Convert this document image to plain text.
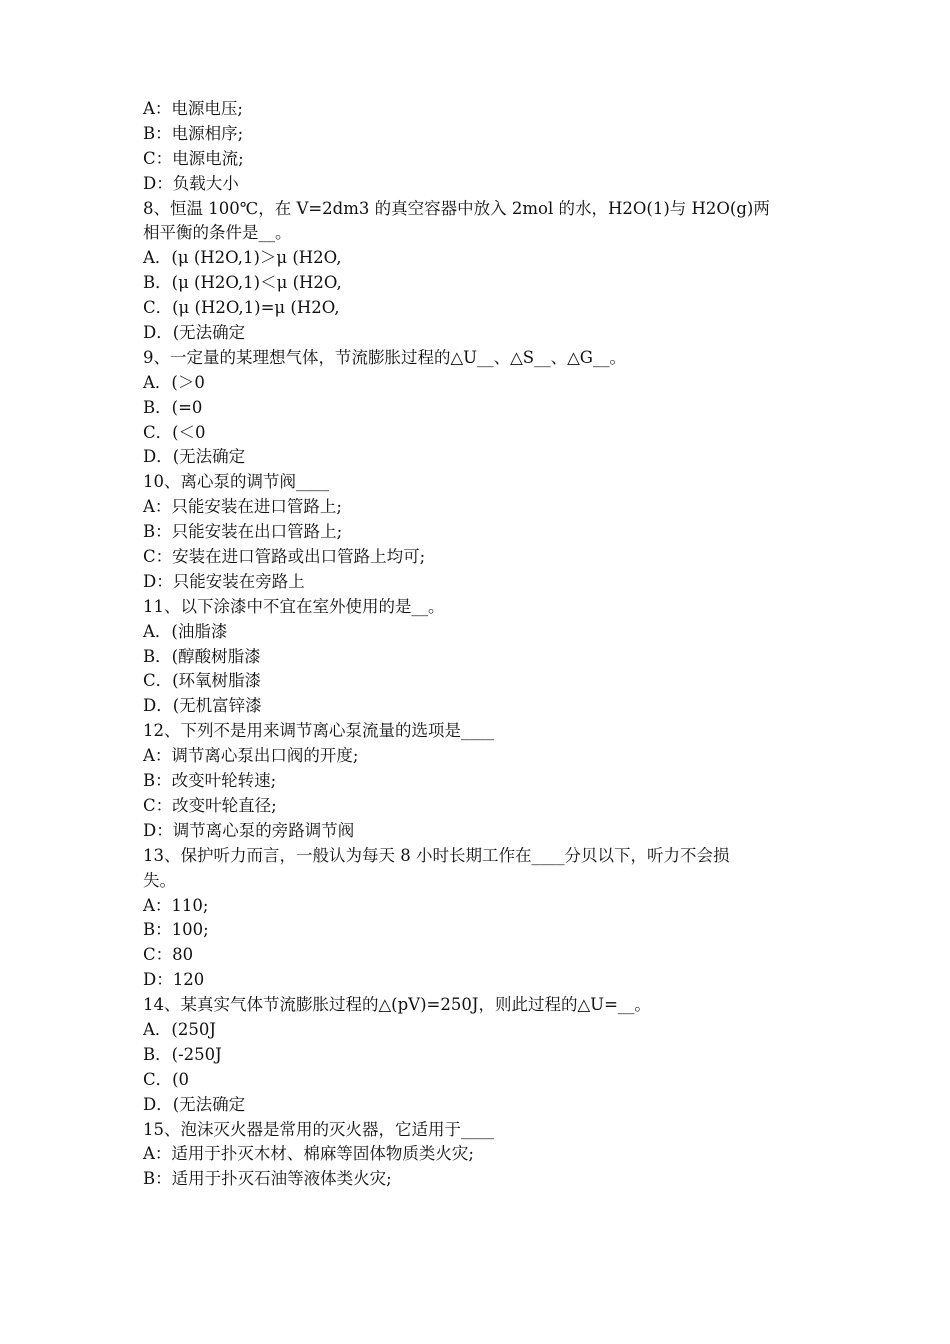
A：电源电压;
B：电源相序;
C：电源电流;
D：负载大小
8、恒温 100℃，在 V=2dm3 的真空容器中放入 2mol 的水，H2O(1)与 H2O(g)两
相平衡的条件是__。
A．(μ (H2O,1)＞μ (H2O,
B．(μ (H2O,1)＜μ (H2O,
C．(μ (H2O,1)=μ (H2O,
D．(无法确定
9、一定量的某理想气体，节流膨胀过程的△U__、△S__、△G__。
A．(＞0
B．(=0
C．(＜0
D．(无法确定
10、离心泵的调节阀____
A：只能安装在进口管路上;
B：只能安装在出口管路上;
C：安装在进口管路或出口管路上均可;
D：只能安装在旁路上
11、以下涂漆中不宜在室外使用的是__。
A．(油脂漆
B．(醇酸树脂漆
C．(环氧树脂漆
D．(无机富锌漆
12、下列不是用来调节离心泵流量的选项是____
A：调节离心泵出口阀的开度;
B：改变叶轮转速;
C：改变叶轮直径;
D：调节离心泵的旁路调节阀
13、保护听力而言，一般认为每天 8 小时长期工作在____分贝以下，听力不会损
失。
A：110;
B：100;
C：80
D：120
14、某真实气体节流膨胀过程的△(pV)=250J，则此过程的△U=__。
A．(250J
B．(-250J
C．(0
D．(无法确定
15、泡沫灭火器是常用的灭火器，它适用于____
A：适用于扑灭木材、棉麻等固体物质类火灾;
B：适用于扑灭石油等液体类火灾;
